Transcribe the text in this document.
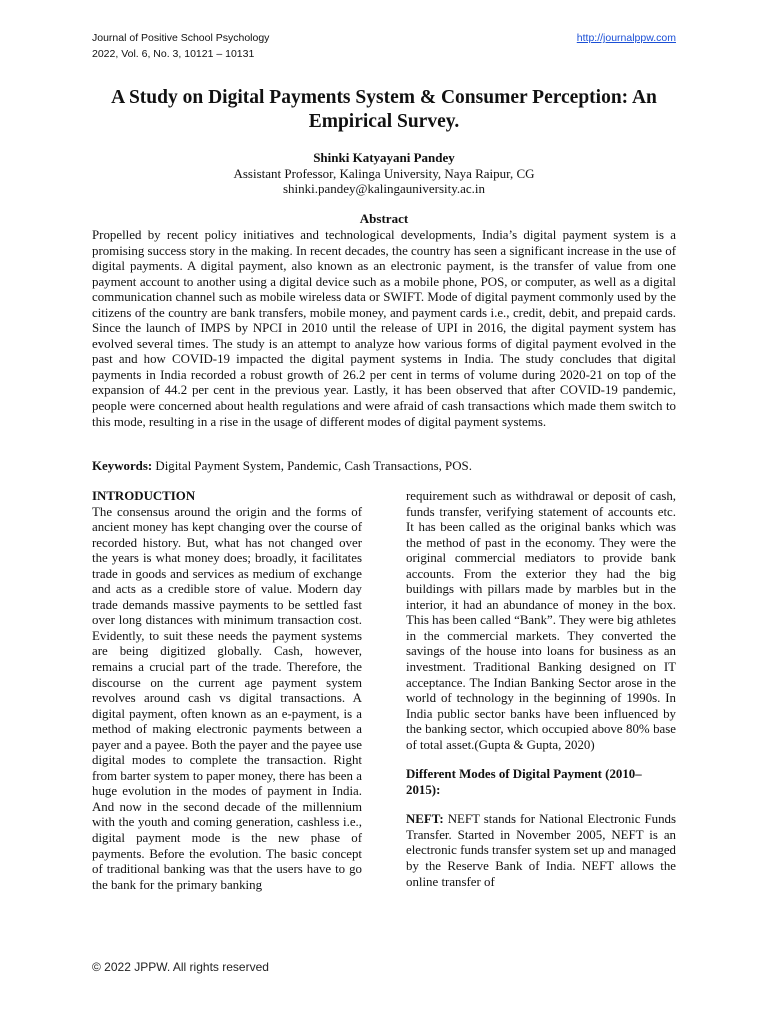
Journal of Positive School Psychology
2022, Vol. 6, No. 3, 10121 – 10131
http://journalppw.com
A Study on Digital Payments System & Consumer Perception: An Empirical Survey.
Shinki Katyayani Pandey
Assistant Professor, Kalinga University, Naya Raipur, CG
shinki.pandey@kalingauniversity.ac.in
Abstract

Propelled by recent policy initiatives and technological developments, India’s digital payment system is a promising success story in the making. In recent decades, the country has seen a significant increase in the use of digital payments. A digital payment, also known as an electronic payment, is the transfer of value from one payment account to another using a digital device such as a mobile phone, POS, or computer, as well as a digital communication channel such as mobile wireless data or SWIFT. Mode of digital payment commonly used by the citizens of the country are bank transfers, mobile money, and payment cards i.e., credit, debit, and prepaid cards. Since the launch of IMPS by NPCI in 2010 until the release of UPI in 2016, the digital payment system has evolved several times. The study is an attempt to analyze how various forms of digital payment evolved in the past and how COVID-19 impacted the digital payment systems in India. The study concludes that digital payments in India recorded a robust growth of 26.2 per cent in terms of volume during 2020-21 on top of the expansion of 44.2 per cent in the previous year. Lastly, it has been observed that after COVID-19 pandemic, people were concerned about health regulations and were afraid of cash transactions which made them switch to this mode, resulting in a rise in the usage of different modes of digital payment systems.

Keywords: Digital Payment System, Pandemic, Cash Transactions, POS.

INTRODUCTION

The consensus around the origin and the forms of ancient money has kept changing over the course of recorded history. But, what has not changed over the years is what money does; broadly, it facilitates trade in goods and services as medium of exchange and acts as a credible store of value. Modern day trade demands massive payments to be settled fast over long distances with minimum transaction cost. Evidently, to suit these needs the payment systems are being digitized globally. Cash, however, remains a crucial part of the trade. Therefore, the discourse on the current age payment system revolves around cash vs digital transactions. A digital payment, often known as an e-payment, is a method of making electronic payments between a payer and a payee. Both the payer and the payee use digital modes to complete the transaction. Right from barter system to paper money, there has been a huge evolution in the modes of payment in India. And now in the second decade of the millennium with the youth and coming generation, cashless i.e., digital payment mode is the new phase of payments. Before the evolution. The basic concept of traditional banking was that the users have to go the bank for the primary banking

requirement such as withdrawal or deposit of cash, funds transfer, verifying statement of accounts etc. It has been called as the original banks which was the method of past in the economy. They were the original commercial mediators to provide bank accounts. From the exterior they had the big buildings with pillars made by marbles but in the interior, it had an abundance of money in the box. This has been called “Bank”. They were big athletes in the commercial markets. They converted the savings of the house into loans for business as an investment. Traditional Banking designed on IT acceptance. The Indian Banking Sector arose in the world of technology in the beginning of 1990s. In India public sector banks have been influenced by the banking sector, which occupied above 80% base of total asset.(Gupta & Gupta, 2020)

Different Modes of Digital Payment (2010–2015):

NEFT: NEFT stands for National Electronic Funds Transfer. Started in November 2005, NEFT is an electronic funds transfer system set up and managed by the Reserve Bank of India. NEFT allows the online transfer of

© 2022 JPPW. All rights reserved
